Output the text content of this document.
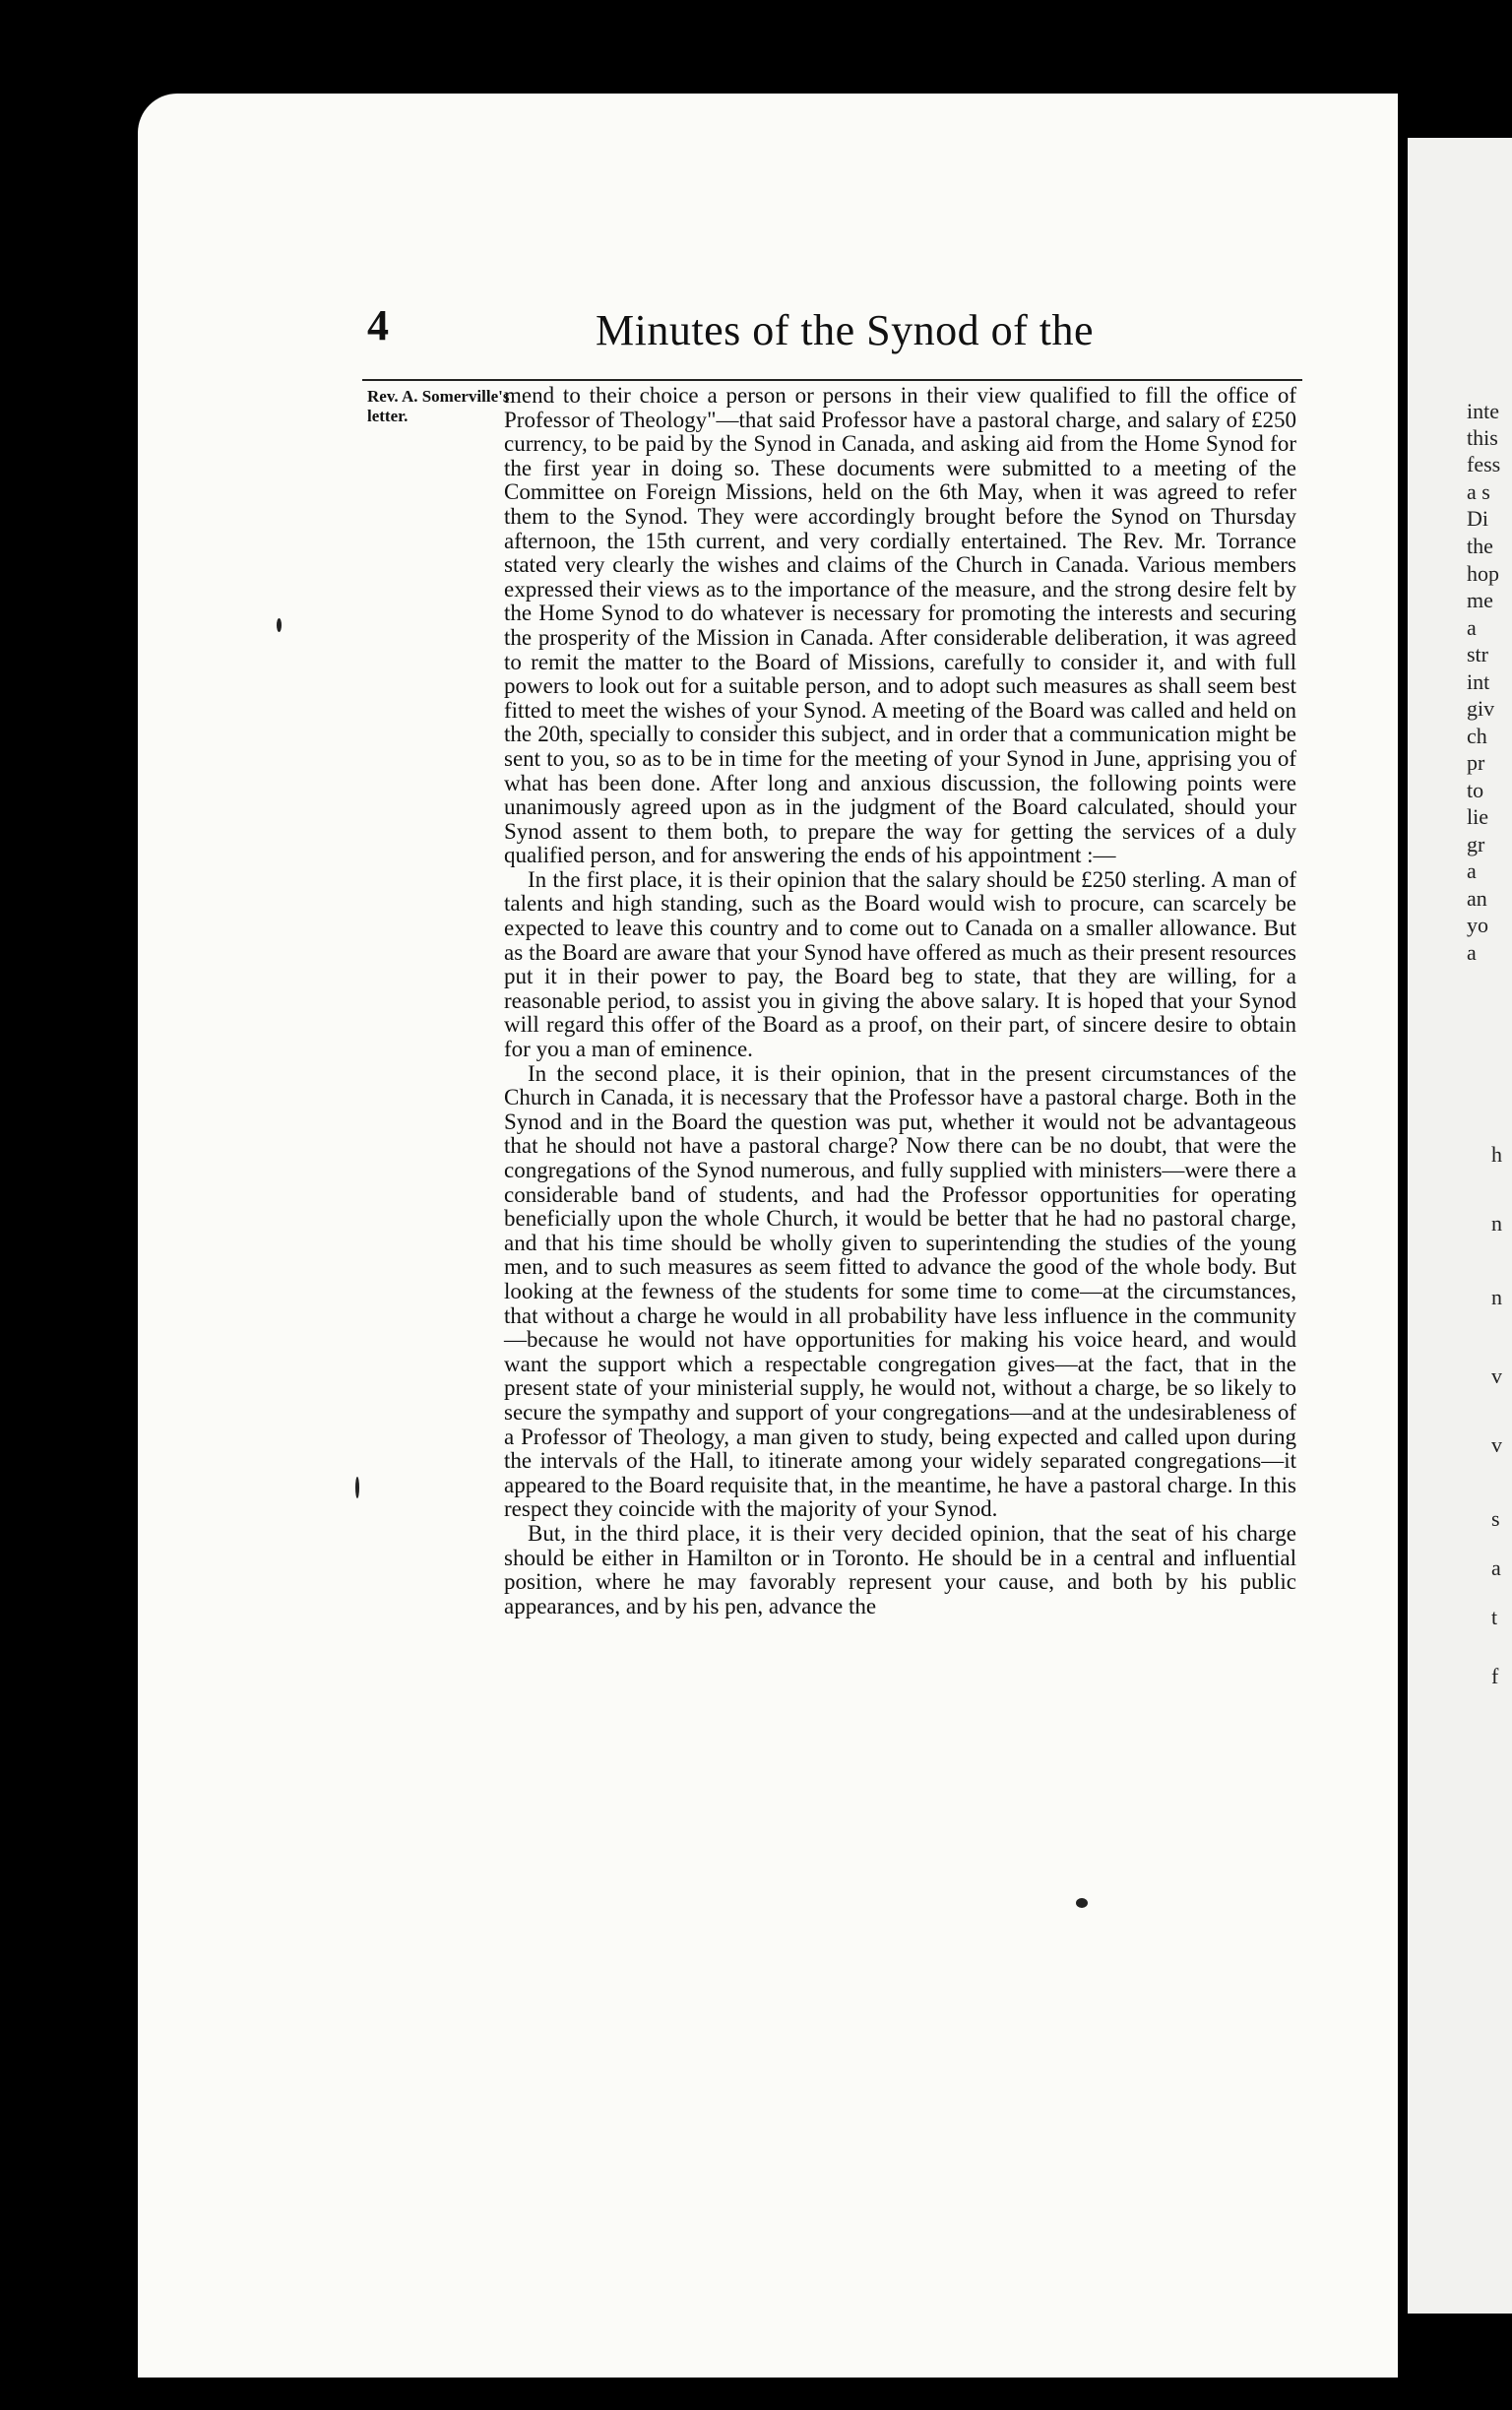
inte
this
fess
a s
Di
the
hop
me
a
str
int
giv
ch
pr
to
lie
gr
a
an
yo
a
h
n
n
v
v
s
a
t
f
4	Minutes of the Synod of the
Rev. A. Somerville's letter.

mend to their choice a person or persons in their view qualified to fill the office of Professor of Theology"—that said Professor have a pastoral charge, and salary of £250 currency, to be paid by the Synod in Canada, and asking aid from the Home Synod for the first year in doing so. These documents were submitted to a meeting of the Committee on Foreign Missions, held on the 6th May, when it was agreed to refer them to the Synod. They were accordingly brought before the Synod on Thursday afternoon, the 15th current, and very cordially entertained. The Rev. Mr. Torrance stated very clearly the wishes and claims of the Church in Canada. Various members expressed their views as to the importance of the measure, and the strong desire felt by the Home Synod to do whatever is necessary for promoting the interests and securing the prosperity of the Mission in Canada. After considerable deliberation, it was agreed to remit the matter to the Board of Missions, carefully to consider it, and with full powers to look out for a suitable person, and to adopt such measures as shall seem best fitted to meet the wishes of your Synod. A meeting of the Board was called and held on the 20th, specially to consider this subject, and in order that a communication might be sent to you, so as to be in time for the meeting of your Synod in June, apprising you of what has been done. After long and anxious discussion, the following points were unanimously agreed upon as in the judgment of the Board calculated, should your Synod assent to them both, to prepare the way for getting the services of a duly qualified person, and for answering the ends of his appointment :—

In the first place, it is their opinion that the salary should be £250 sterling. A man of talents and high standing, such as the Board would wish to procure, can scarcely be expected to leave this country and to come out to Canada on a smaller allowance. But as the Board are aware that your Synod have offered as much as their present resources put it in their power to pay, the Board beg to state, that they are willing, for a reasonable period, to assist you in giving the above salary. It is hoped that your Synod will regard this offer of the Board as a proof, on their part, of sincere desire to obtain for you a man of eminence.

In the second place, it is their opinion, that in the present circumstances of the Church in Canada, it is necessary that the Professor have a pastoral charge. Both in the Synod and in the Board the question was put, whether it would not be advantageous that he should not have a pastoral charge? Now there can be no doubt, that were the congregations of the Synod numerous, and fully supplied with ministers—were there a considerable band of students, and had the Professor opportunities for operating beneficially upon the whole Church, it would be better that he had no pastoral charge, and that his time should be wholly given to superintending the studies of the young men, and to such measures as seem fitted to advance the good of the whole body. But looking at the fewness of the students for some time to come—at the circumstances, that without a charge he would in all probability have less influence in the community—because he would not have opportunities for making his voice heard, and would want the support which a respectable congregation gives—at the fact, that in the present state of your ministerial supply, he would not, without a charge, be so likely to secure the sympathy and support of your congregations—and at the undesirableness of a Professor of Theology, a man given to study, being expected and called upon during the intervals of the Hall, to itinerate among your widely separated congregations—it appeared to the Board requisite that, in the meantime, he have a pastoral charge. In this respect they coincide with the majority of your Synod.

But, in the third place, it is their very decided opinion, that the seat of his charge should be either in Hamilton or in Toronto. He should be in a central and influential position, where he may favorably represent your cause, and both by his public appearances, and by his pen, advance the
